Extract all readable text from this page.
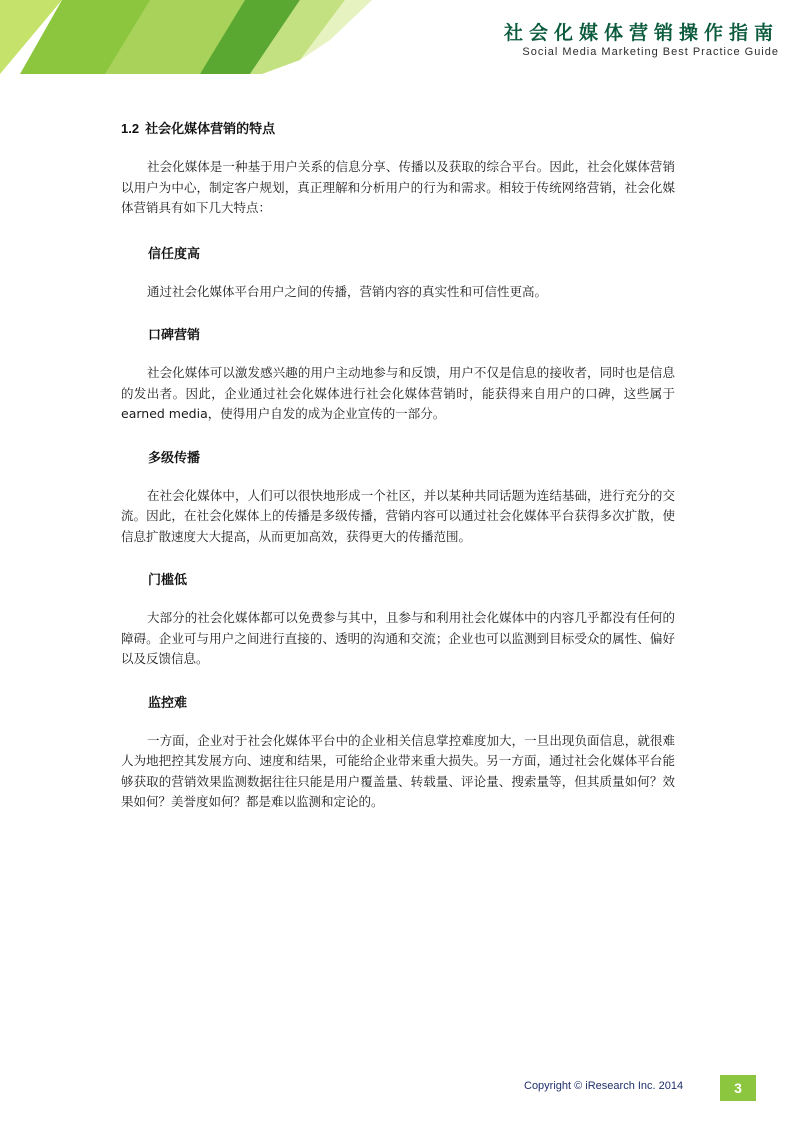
社会化媒体营销操作指南
Social Media Marketing Best Practice Guide
1.2 社会化媒体营销的特点

社会化媒体是一种基于用户关系的信息分享、传播以及获取的综合平台。因此，社会化媒体营销以用户为中心，制定客户规划，真正理解和分析用户的行为和需求。相较于传统网络营销，社会化媒体营销具有如下几大特点：

信任度高

通过社会化媒体平台用户之间的传播，营销内容的真实性和可信性更高。

口碑营销

社会化媒体可以激发感兴趣的用户主动地参与和反馈，用户不仅是信息的接收者，同时也是信息的发出者。因此，企业通过社会化媒体进行社会化媒体营销时，能获得来自用户的口碑，这些属于earned media，使得用户自发的成为企业宣传的一部分。

多级传播

在社会化媒体中，人们可以很快地形成一个社区，并以某种共同话题为连结基础，进行充分的交流。因此，在社会化媒体上的传播是多级传播，营销内容可以通过社会化媒体平台获得多次扩散，使信息扩散速度大大提高，从而更加高效，获得更大的传播范围。

门槛低

大部分的社会化媒体都可以免费参与其中，且参与和利用社会化媒体中的内容几乎都没有任何的障碍。企业可与用户之间进行直接的、透明的沟通和交流；企业也可以监测到目标受众的属性、偏好以及反馈信息。

监控难

一方面，企业对于社会化媒体平台中的企业相关信息掌控难度加大，一旦出现负面信息，就很难人为地把控其发展方向、速度和结果，可能给企业带来重大损失。另一方面，通过社会化媒体平台能够获取的营销效果监测数据往往只能是用户覆盖量、转载量、评论量、搜索量等，但其质量如何？效果如何？美誉度如何？都是难以监测和定论的。

Copyright © iResearch Inc. 2014	3
